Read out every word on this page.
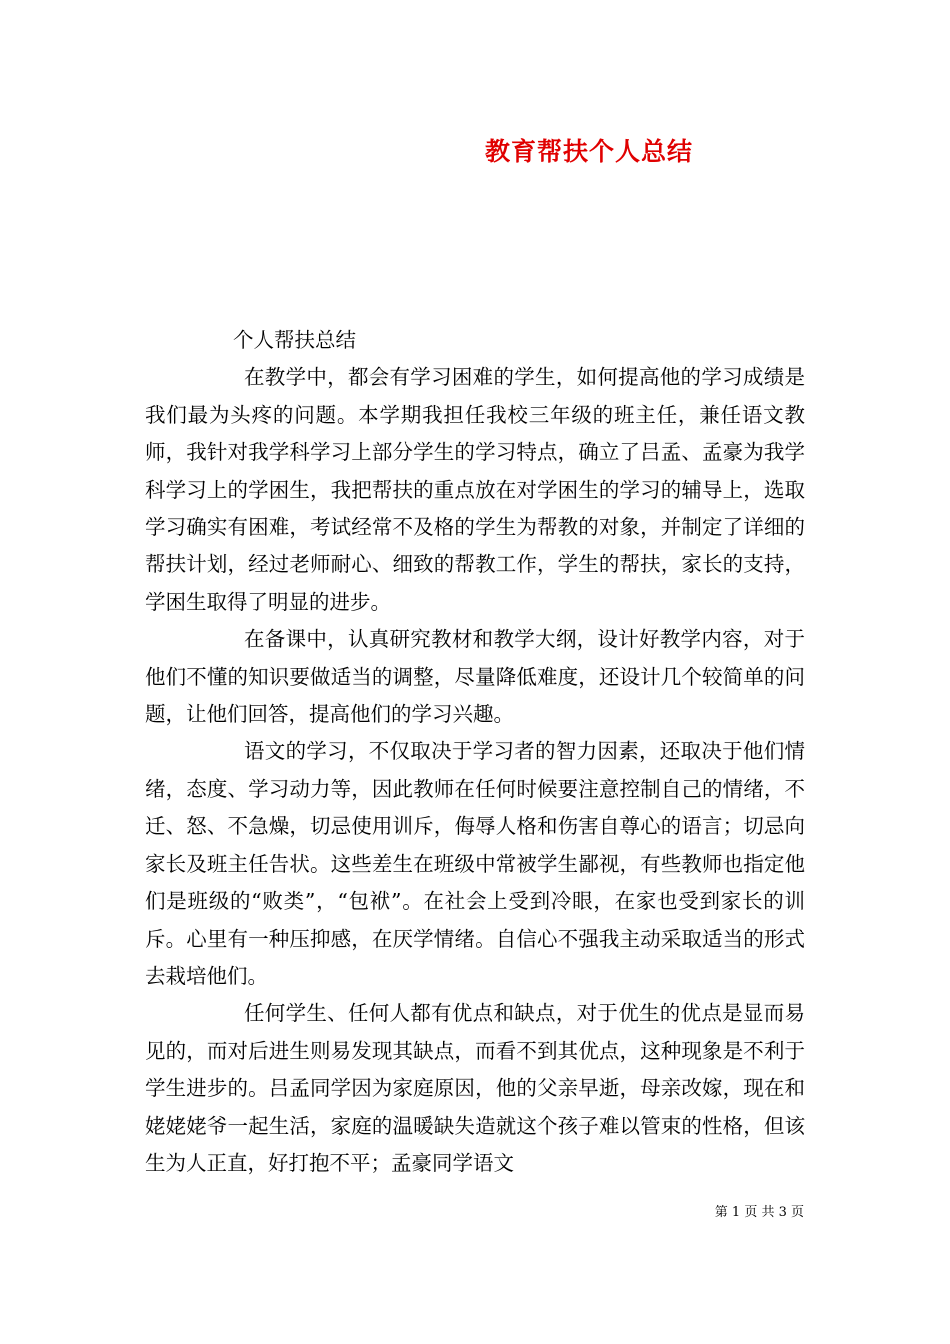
教育帮扶个人总结

个人帮扶总结

在教学中，都会有学习困难的学生，如何提高他的学习成绩是我们最为头疼的问题。本学期我担任我校三年级的班主任，兼任语文教师，我针对我学科学习上部分学生的学习特点，确立了吕孟、孟豪为我学科学习上的学困生，我把帮扶的重点放在对学困生的学习的辅导上，选取学习确实有困难，考试经常不及格的学生为帮教的对象，并制定了详细的帮扶计划，经过老师耐心、细致的帮教工作，学生的帮扶，家长的支持，学困生取得了明显的进步。

在备课中，认真研究教材和教学大纲，设计好教学内容，对于他们不懂的知识要做适当的调整，尽量降低难度，还设计几个较简单的问题，让他们回答，提高他们的学习兴趣。

语文的学习，不仅取决于学习者的智力因素，还取决于他们情绪，态度、学习动力等，因此教师在任何时候要注意控制自己的情绪，不迁、怒、不急燥，切忌使用训斥，侮辱人格和伤害自尊心的语言；切忌向家长及班主任告状。这些差生在班级中常被学生鄙视，有些教师也指定他们是班级的“败类”，“包袱”。在社会上受到冷眼，在家也受到家长的训斥。心里有一种压抑感，在厌学情绪。自信心不强我主动采取适当的形式去栽培他们。

任何学生、任何人都有优点和缺点，对于优生的优点是显而易见的，而对后进生则易发现其缺点，而看不到其优点，这种现象是不利于学生进步的。吕孟同学因为家庭原因，他的父亲早逝，母亲改嫁，现在和姥姥姥爷一起生活，家庭的温暖缺失造就这个孩子难以管束的性格，但该生为人正直，好打抱不平；孟豪同学语文

第 1 页 共 3 页
